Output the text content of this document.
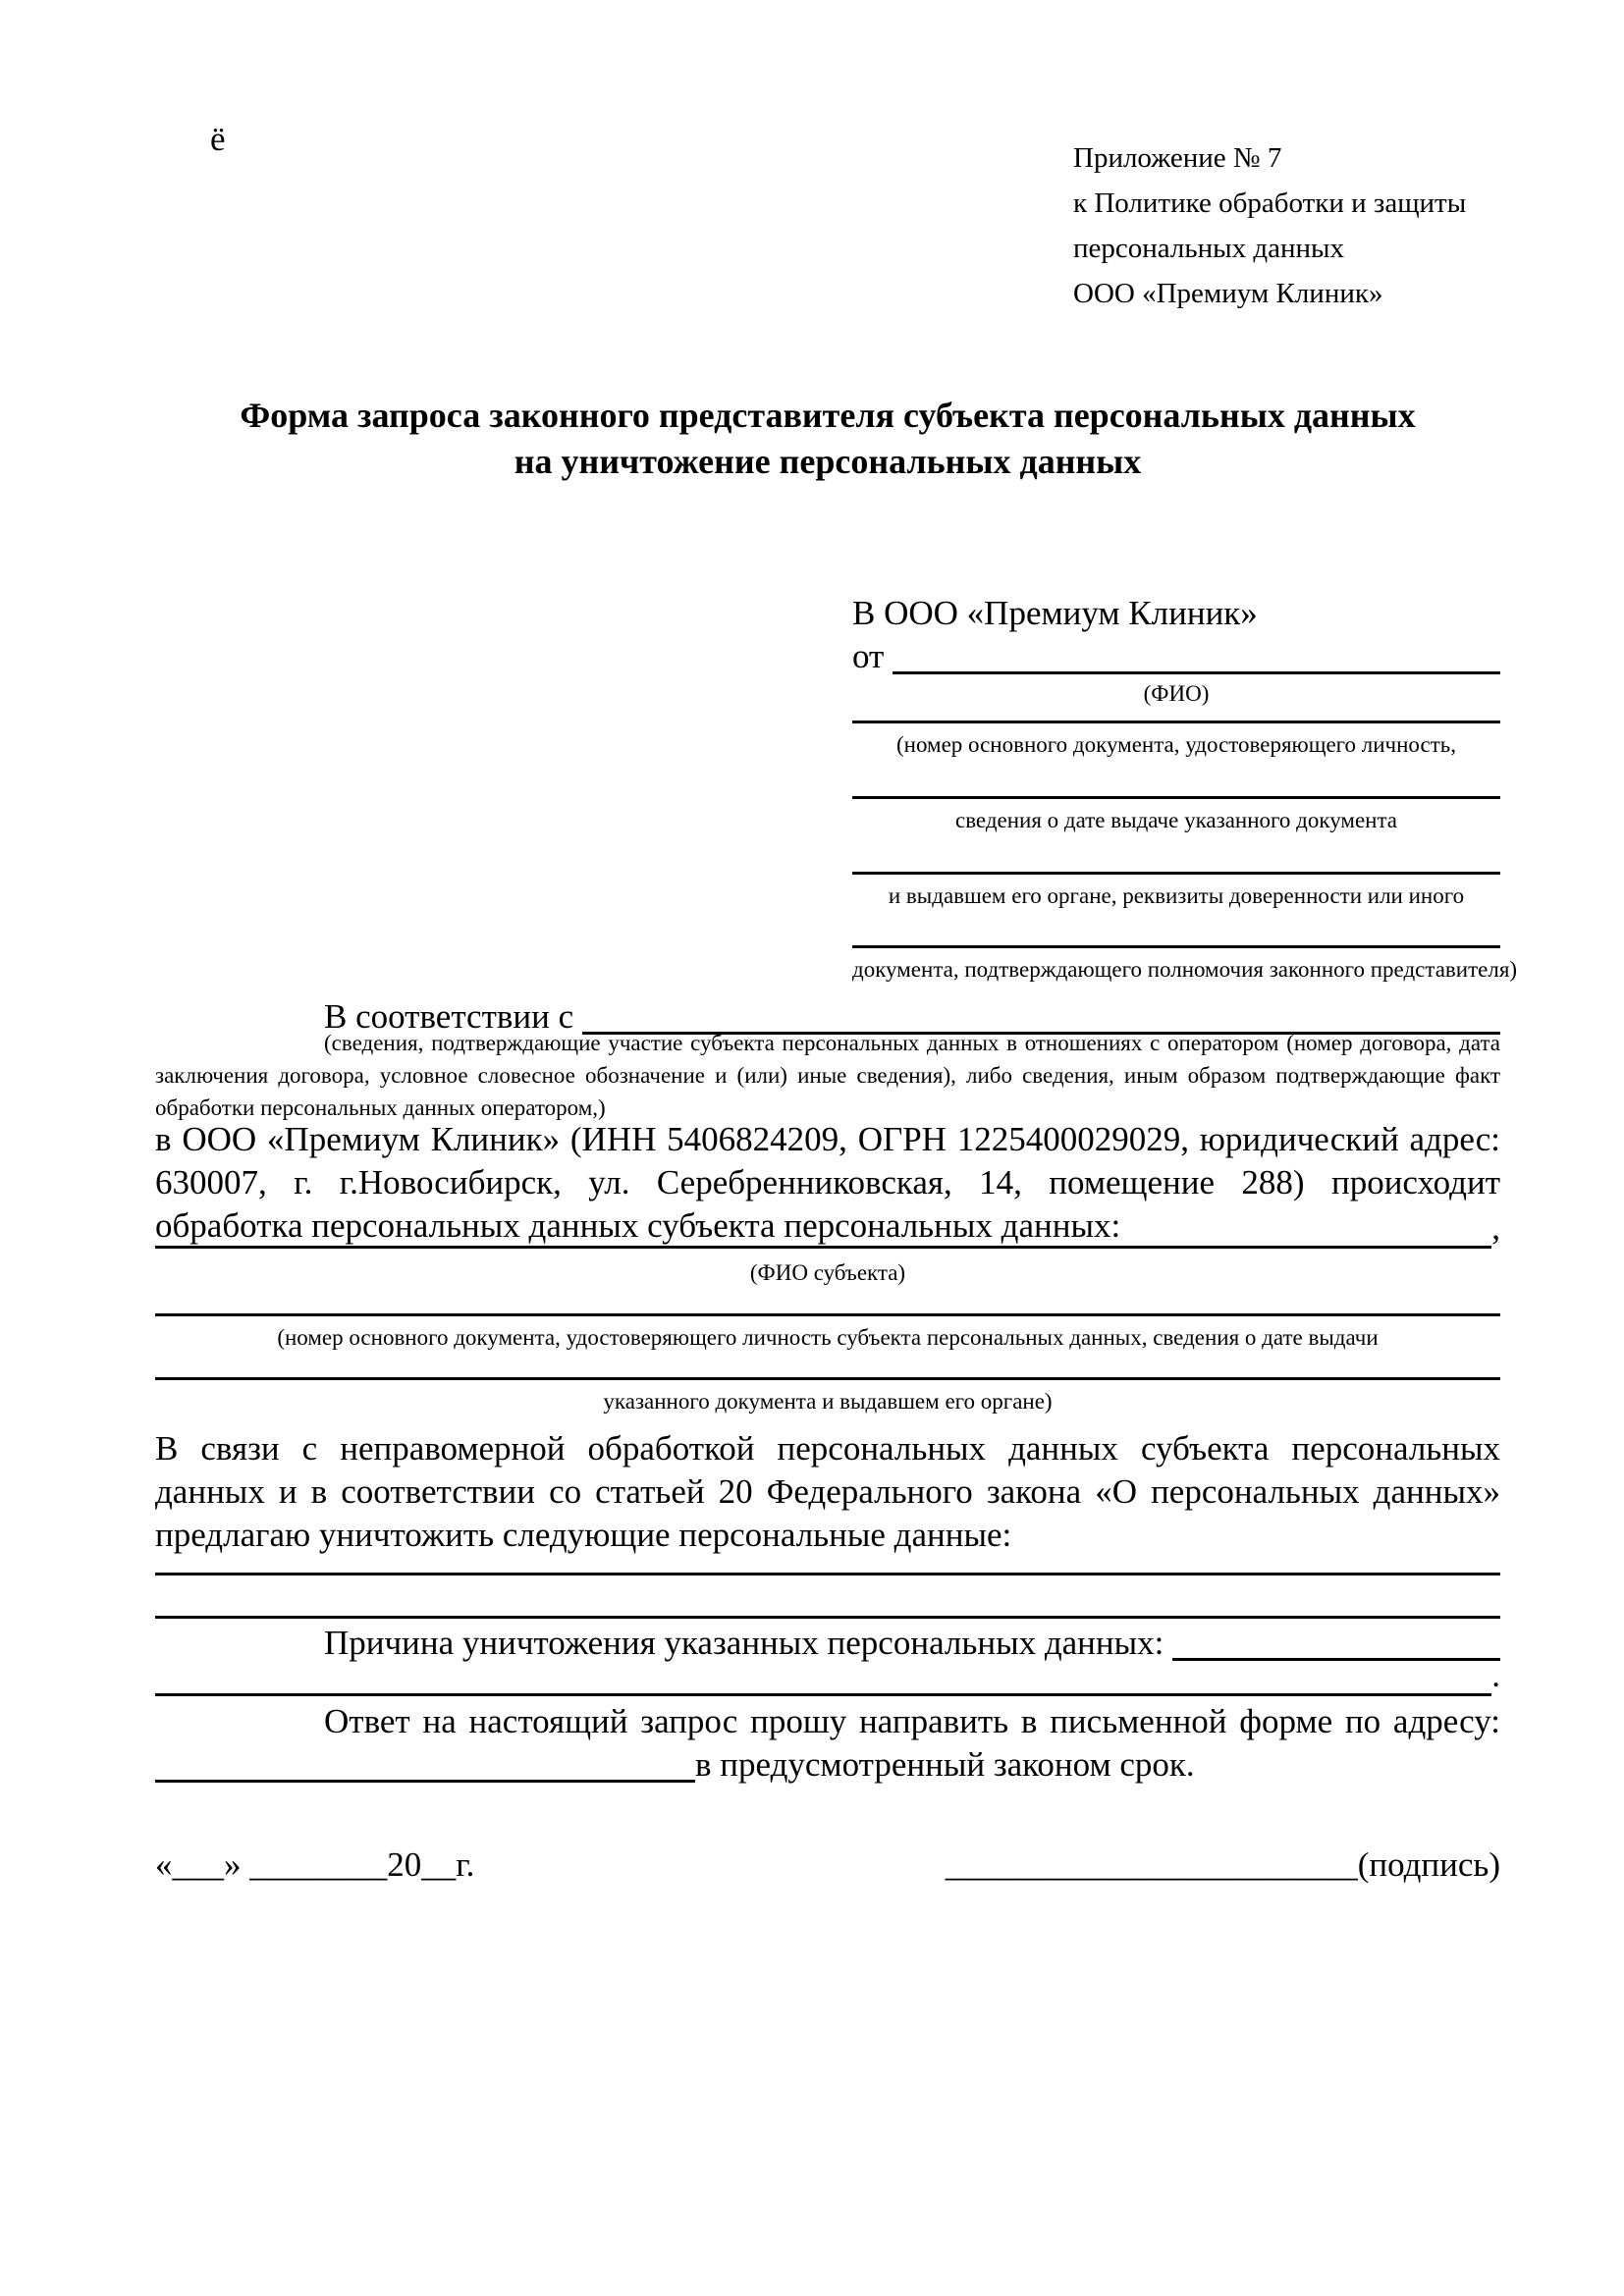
ё	Приложение № 7
к Политике обработки и защиты
персональных данных
ООО «Премиум Клиник»
Форма запроса законного представителя субъекта персональных данных
на уничтожение персональных данных
В ООО «Премиум Клиник»
от

(ФИО)
(номер основного документа, удостоверяющего личность,
сведения о дате выдаче указанного документа
и выдавшем его органе, реквизиты доверенности или иного
документа, подтверждающего полномочия законного представителя)
В соответствии с

(сведения, подтверждающие участие субъекта персональных данных в отношениях с оператором (номер договора, дата заключения договора, условное словесное обозначение и (или) иные сведения), либо сведения, иным образом подтверждающие факт обработки персональных данных оператором,)
в ООО «Премиум Клиник» (ИНН 5406824209, ОГРН 1225400029029, юридический адрес: 630007, г. г.Новосибирск, ул. Серебренниковская, 14, помещение 288) происходит обработка персональных данных субъекта персональных данных:	,
(ФИО субъекта)
(номер основного документа, удостоверяющего личность субъекта персональных данных, сведения о дате выдачи
указанного документа и выдавшем его органе)
В связи с неправомерной обработкой персональных данных субъекта персональных данных и в соответствии со статьей 20 Федерального закона «О персональных данных» предлагаю уничтожить следующие персональные данные:
Причина уничтожения указанных персональных данных:

.
Ответ на настоящий запрос прошу направить в письменной форме по адресу:
в предусмотренный законом срок.
«___» ________20__г.	________________________(подпись)
